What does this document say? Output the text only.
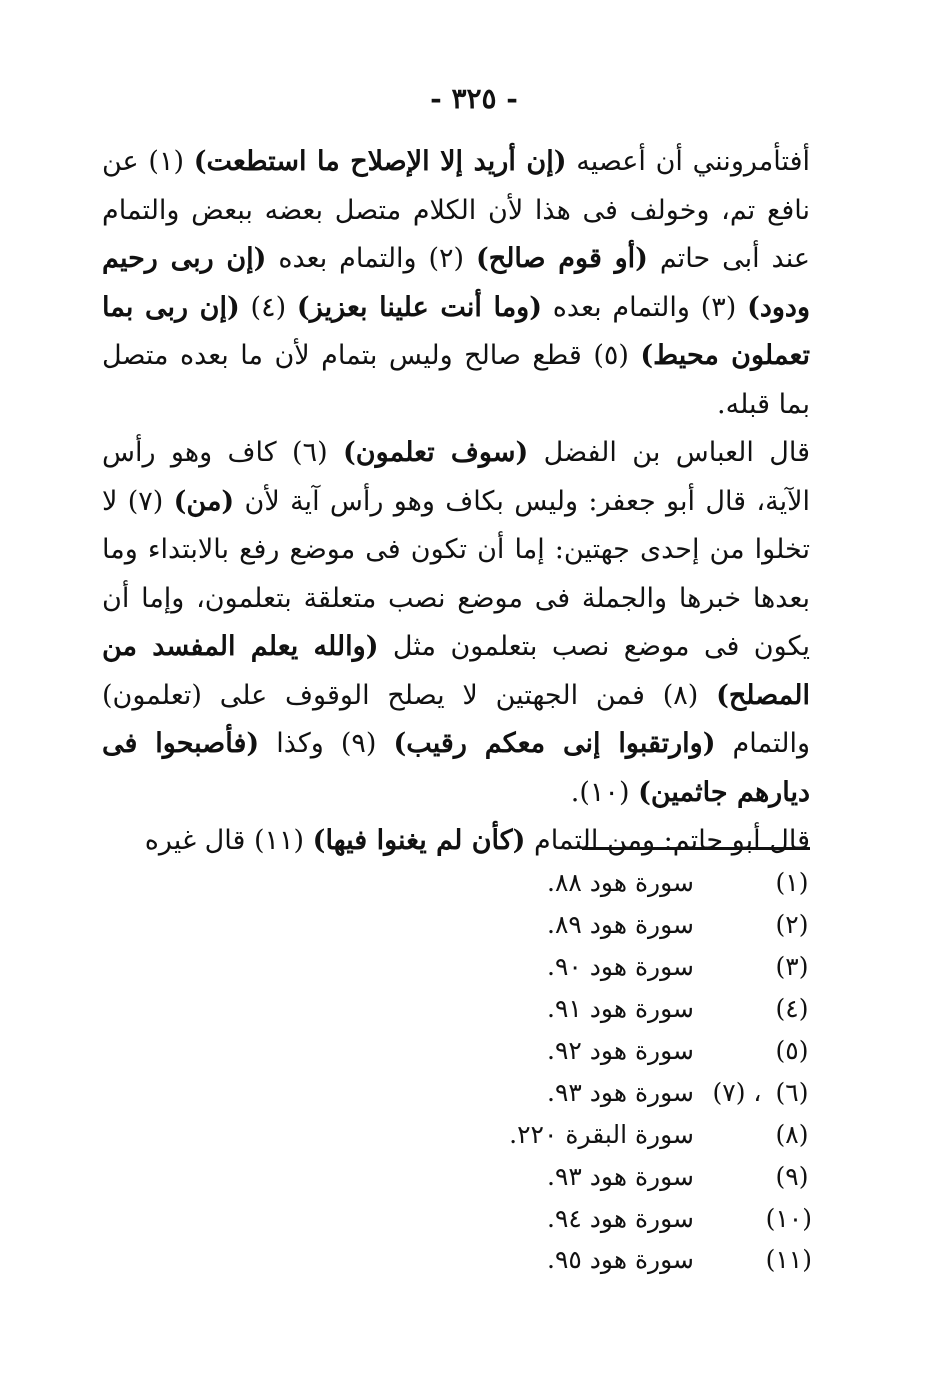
- ٣٢٥ -

أفتأمرونني أن أعصيه (إن أريد إلا الإصلاح ما استطعت) (١) عن نافع تم، وخولف فى هذا لأن الكلام متصل بعضه ببعض والتمام عند أبى حاتم (أو قوم صالح) (٢) والتمام بعده (إن ربى رحيم ودود) (٣) والتمام بعده (وما أنت علينا بعزيز) (٤) (إن ربى بما تعملون محيط) (٥) قطع صالح وليس بتمام لأن ما بعده متصل بما قبله.

قال العباس بن الفضل (سوف تعلمون) (٦) كاف وهو رأس الآية، قال أبو جعفر: وليس بكاف وهو رأس آية لأن (من) (٧) لا تخلوا من إحدى جهتين: إما أن تكون فى موضع رفع بالابتداء وما بعدها خبرها والجملة فى موضع نصب متعلقة بتعلمون، وإما أن يكون فى موضع نصب بتعلمون مثل (والله يعلم المفسد من المصلح) (٨) فمن الجهتين لا يصلح الوقوف على (تعلمون) والتمام (وارتقبوا إنى معكم رقيب) (٩) وكذا (فأصبحوا فى ديارهم جاثمين) (١٠).

قال أبو حاتم: ومن التمام (كأن لم يغنوا فيها) (١١) قال غيره

(١)
سورة هود ٨٨.
(٢)
سورة هود ٨٩.
(٣)
سورة هود ٩٠.
(٤)
سورة هود ٩١.
(٥)
سورة هود ٩٢.
(٦)
، (٧)
سورة هود ٩٣.
(٨)
سورة البقرة ٢٢٠.
(٩)
سورة هود ٩٣.
(١٠)
سورة هود ٩٤.
(١١)
سورة هود ٩٥.
